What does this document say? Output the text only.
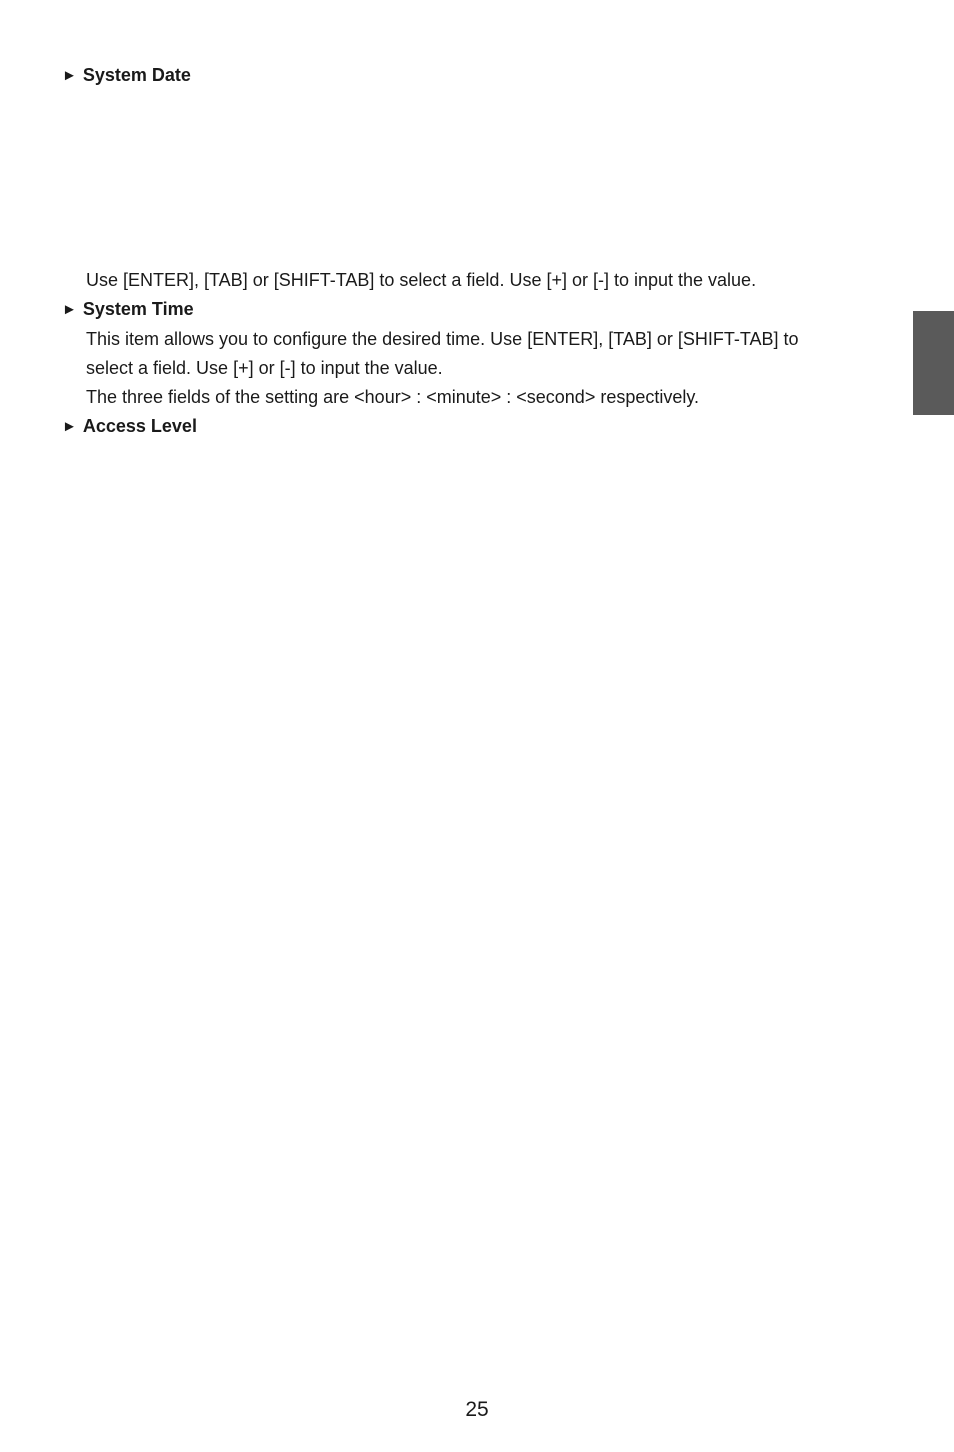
► System Date
Use [ENTER], [TAB] or [SHIFT-TAB] to select a field. Use [+] or [-] to input the value.
► System Time
This item allows you to configure the desired time. Use [ENTER], [TAB] or [SHIFT-TAB] to
select a field. Use [+] or [-] to input the value.
The three fields of the setting are <hour> : <minute> : <second> respectively.
► Access Level
25
